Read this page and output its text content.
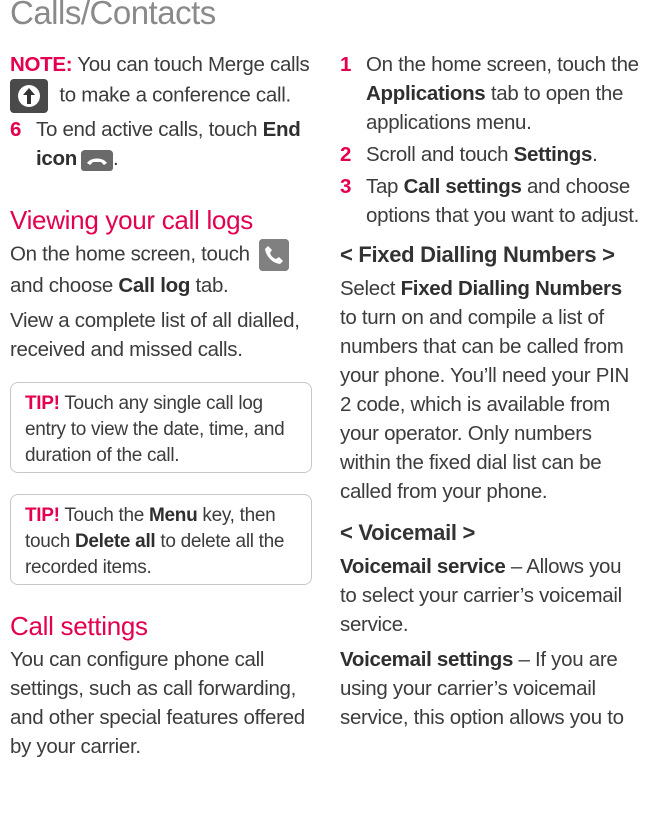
Calls/Contacts

NOTE: You can touch Merge calls
to make a conference call.

6 To end active calls, touch End icon .
Viewing your call logs

On the home screen, touch
and choose Call log tab.

View a complete list of all dialled, received and missed calls.

TIP! Touch any single call log entry to view the date, time, and duration of the call.
TIP! Touch the Menu key, then touch Delete all to delete all the recorded items.
Call settings

You can configure phone call settings, such as call forwarding, and other special features offered by your carrier.

1 On the home screen, touch the Applications tab to open the applications menu.
2 Scroll and touch Settings.
3 Tap Call settings and choose options that you want to adjust.
< Fixed Dialling Numbers >

Select Fixed Dialling Numbers to turn on and compile a list of numbers that can be called from your phone. You’ll need your PIN 2 code, which is available from your operator. Only numbers within the fixed dial list can be called from your phone.

< Voicemail >

Voicemail service – Allows you to select your carrier’s voicemail service.

Voicemail settings – If you are using your carrier’s voicemail service, this option allows you to
